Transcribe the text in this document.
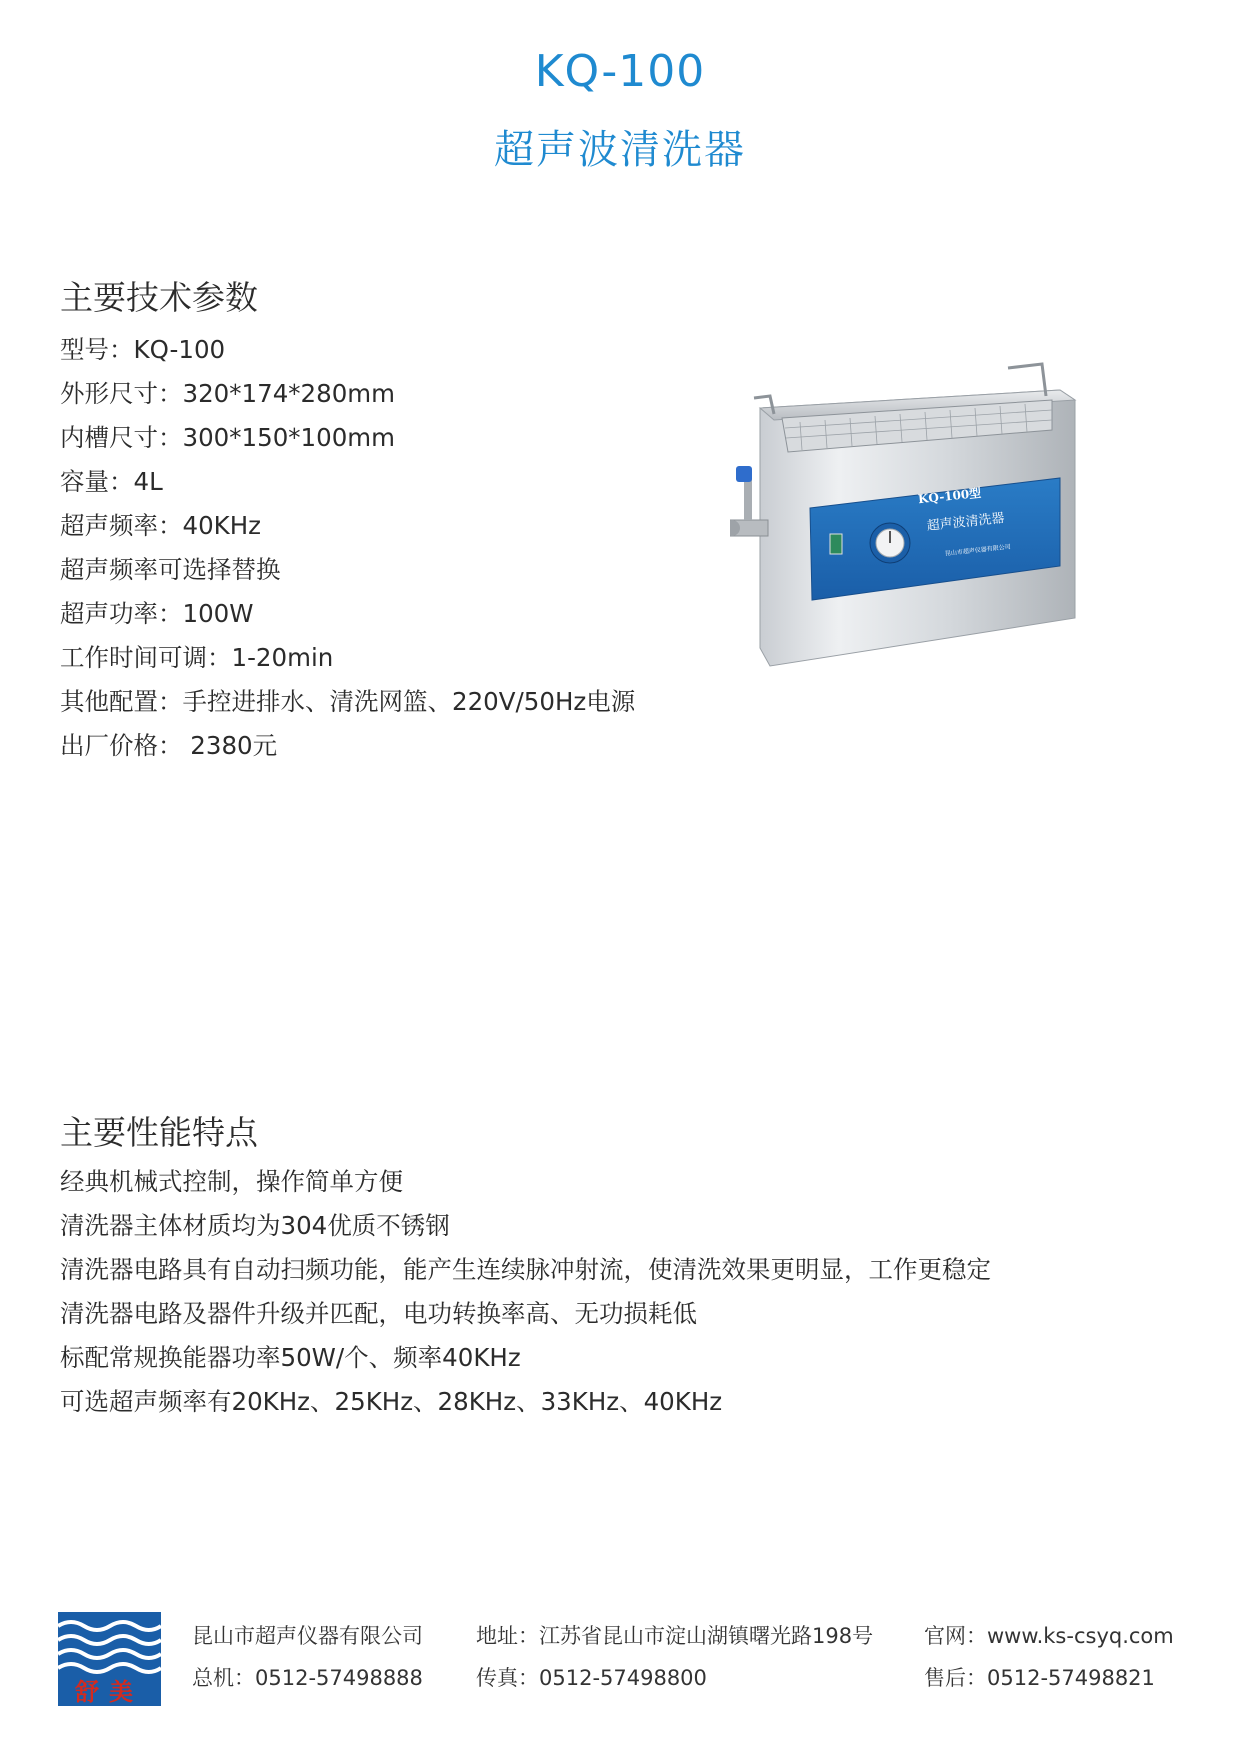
KQ-100
超声波清洗器
主要技术参数
型号：KQ-100
外形尺寸：320*174*280mm
内槽尺寸：300*150*100mm
容量：4L
超声频率：40KHz
超声频率可选择替换
超声功率：100W
工作时间可调：1-20min
其他配置：手控进排水、清洗网篮、220V/50Hz电源
出厂价格： 2380元
KQ-100型
超声波清洗器
昆山市超声仪器有限公司
主要性能特点
经典机械式控制，操作简单方便
清洗器主体材质均为304优质不锈钢
清洗器电路具有自动扫频功能，能产生连续脉冲射流，使清洗效果更明显，工作更稳定
清洗器电路及器件升级并匹配，电功转换率高、无功损耗低
标配常规换能器功率50W/个、频率40KHz
可选超声频率有20KHz、25KHz、28KHz、33KHz、40KHz
舒美
昆山市超声仪器有限公司
总机：0512-57498888
地址：江苏省昆山市淀山湖镇曙光路198号
传真：0512-57498800
官网：www.ks-csyq.com
售后：0512-57498821
